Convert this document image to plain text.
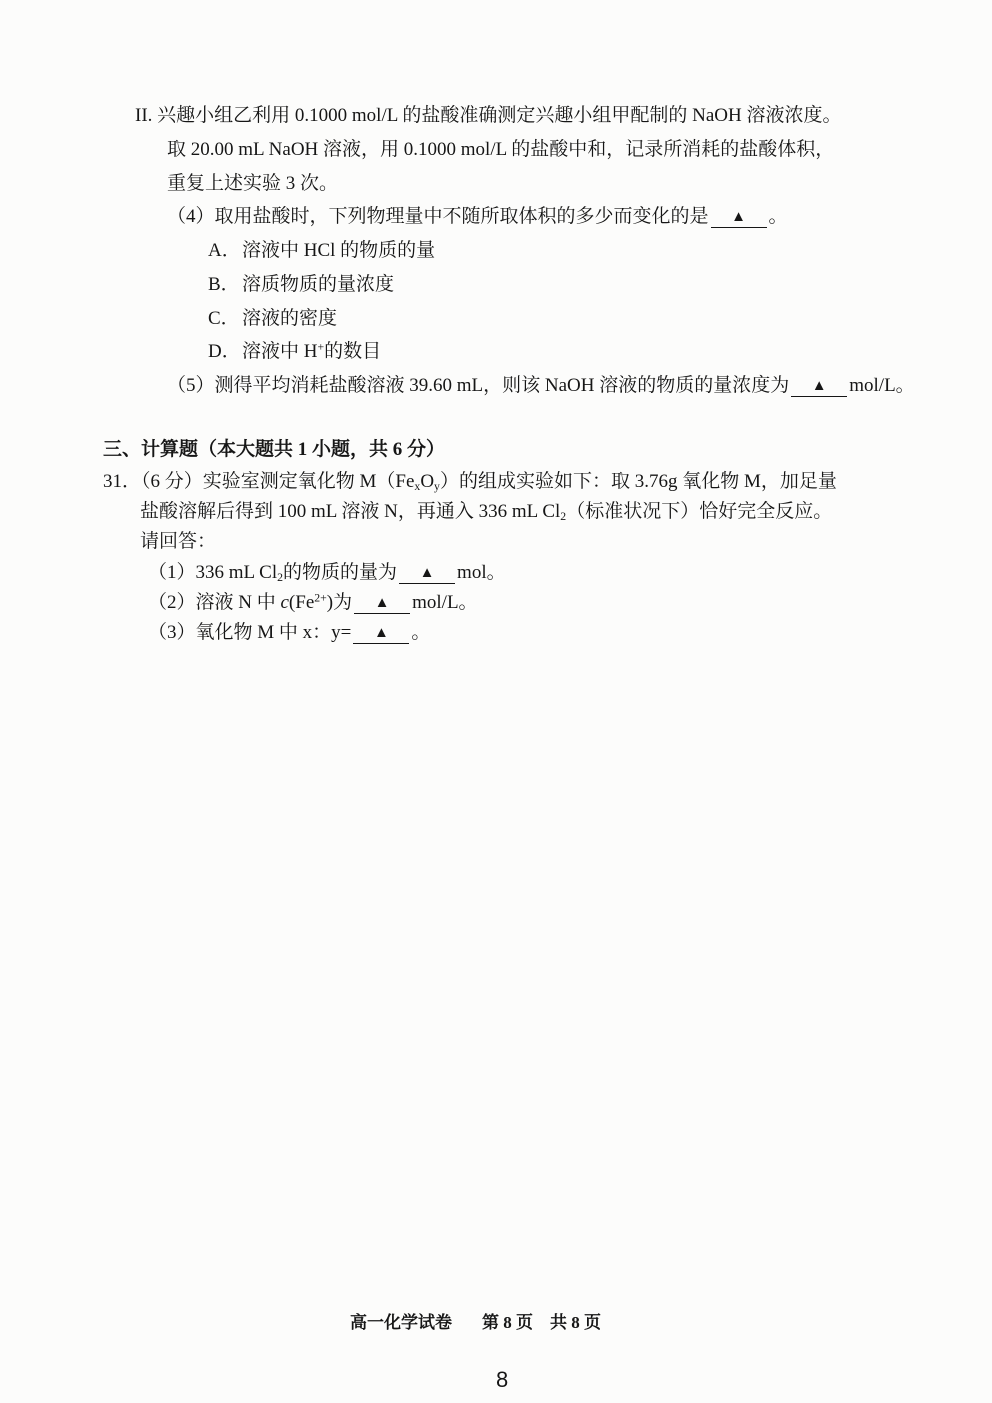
II. 兴趣小组乙利用 0.1000 mol/L 的盐酸准确测定兴趣小组甲配制的 NaOH 溶液浓度。
取 20.00 mL NaOH 溶液，用 0.1000 mol/L 的盐酸中和，记录所消耗的盐酸体积，
重复上述实验 3 次。
（4）取用盐酸时，下列物理量中不随所取体积的多少而变化的是 ▲ 。
A．溶液中 HCl 的物质的量
B． 溶质物质的量浓度
C． 溶液的密度
D．溶液中 H+的数目
（5）测得平均消耗盐酸溶液 39.60 mL，则该 NaOH 溶液的物质的量浓度为 ▲ mol/L。
三、计算题（本大题共 1 小题，共 6 分）
31．（6 分）实验室测定氧化物 $M(Fe_xO_y)$的组成实验如下：取 3.76g 氧化物 M，加足量
盐酸溶解后得到 100 mL 溶液 N，再通入 336 mL $Cl_2$（标准状况下）恰好完全反应。
请回答：
（1）336 mL $Cl_2$的物质的量为 ▲ mol。
（2）溶液 N 中 $c(Fe^{2+})$为 ▲ mol/L。
（3）氧化物 M 中 x：y= ▲ 。
高一化学试卷 第 8 页　共 8 页
8
